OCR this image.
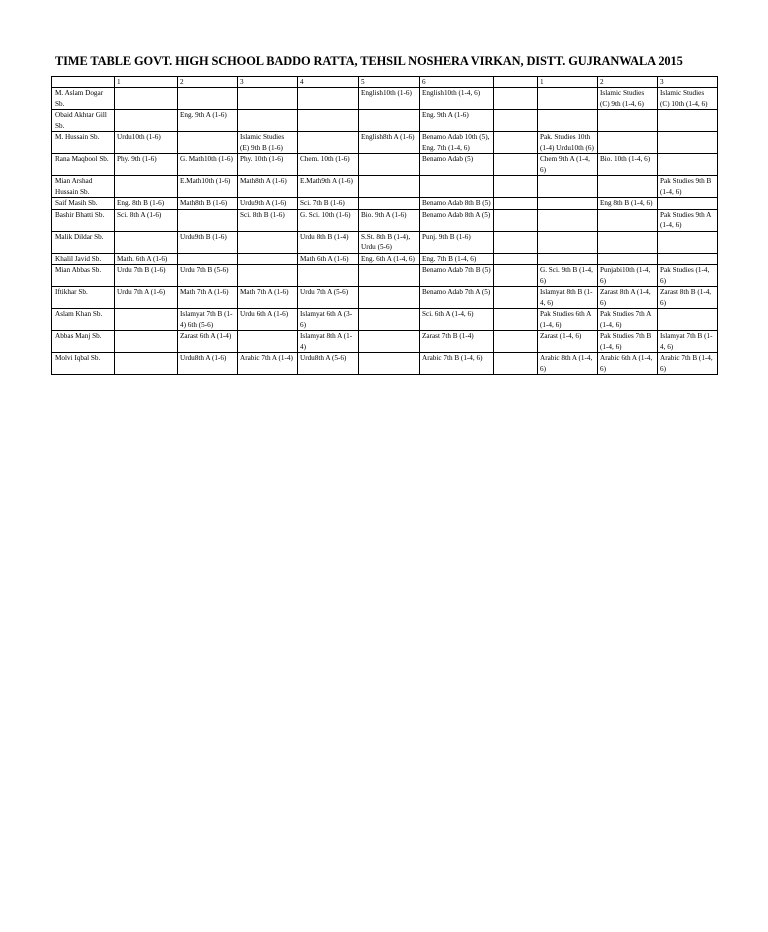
TIME TABLE GOVT. HIGH SCHOOL BADDO RATTA, TEHSIL NOSHERA VIRKAN, DISTT. GUJRANWALA 2015
	1	2	3	4	5	6		1	2	3
M. Aslam Dogar Sb.					English10th (1-6)	English10th (1-4, 6)			Islamic Studies (C) 9th (1-4, 6)	Islamic Studies (C) 10th (1-4, 6)
Obaid Akhtar Gill Sb.		Eng. 9th A (1-6)				Eng. 9th A (1-6)				
M. Hussain Sb.	Urdu10th (1-6)		Islamic Studies (E) 9th B (1-6)		English8th A (1-6)	Benamo Adab 10th (5), Eng. 7th (1-4, 6)		Pak. Studies 10th (1-4) Urdu10th (6)		
Rana Maqbool Sb.	Phy. 9th (1-6)	G. Math10th (1-6)	Phy. 10th (1-6)	Chem. 10th (1-6)		Benamo Adab (5)		Chem 9th A (1-4, 6)	Bio. 10th (1-4, 6)	
Mian Arshad Hussain Sb.		E.Math10th (1-6)	Math8th A (1-6)	E.Math9th A (1-6)						Pak Studies 9th B (1-4, 6)
Saif Masih Sb.	Eng. 8th B (1-6)	Math8th B (1-6)	Urdu9th A (1-6)	Sci. 7th B (1-6)		Benamo Adab 8th B (5)			Eng 8th B (1-4, 6)	
Bashir Bhatti Sb.	Sci. 8th A (1-6)		Sci. 8th B (1-6)	G. Sci. 10th (1-6)	Bio. 9th A (1-6)	Benamo Adab 8th A (5)				Pak Studies 9th A (1-4, 6)
Malik Dildar Sb.		Urdu9th B (1-6)		Urdu 8th B (1-4)	S.St. 8th B (1-4), Urdu (5-6)	Punj. 9th B (1-6)				
Khalil Javid Sb.	Math. 6th A (1-6)			Math 6th A (1-6)	Eng. 6th A (1-4, 6)	Eng. 7th B (1-4, 6)				
Mian Abbas Sb.	Urdu 7th B (1-6)	Urdu 7th B (5-6)				Benamo Adab 7th B (5)		G. Sci. 9th B (1-4, 6)	Punjabi10th (1-4, 6)	Pak Studies (1-4, 6)
Iftikhar Sb.	Urdu 7th A (1-6)	Math 7th A (1-6)	Math 7th A (1-6)	Urdu 7th A (5-6)		Benamo Adab 7th A (5)		Islamyat 8th B (1-4, 6)	Zarast 8th A (1-4, 6)	Zarast 8th B (1-4, 6)
Aslam Khan Sb.		Islamyat 7th B (1-4) 6th (5-6)	Urdu 6th A (1-6)	Islamyat 6th A (3-6)		Sci. 6th A (1-4, 6)		Pak Studies 6th A (1-4, 6)	Pak Studies 7th A (1-4, 6)	
Abbas Manj Sb.		Zarast 6th A (1-4)		Islamyat 8th A (1-4)		Zarast 7th B (1-4)		Zarast (1-4, 6)	Pak Studies 7th B (1-4, 6)	Islamyat 7th B (1-4, 6)
Molvi Iqbal Sb.		Urdu8th A (1-6)	Arabic 7th A (1-4)	Urdu8th A (5-6)		Arabic 7th B (1-4, 6)		Arabic 8th A (1-4, 6)	Arabic 6th A (1-4, 6)	Arabic 7th B (1-4, 6)
